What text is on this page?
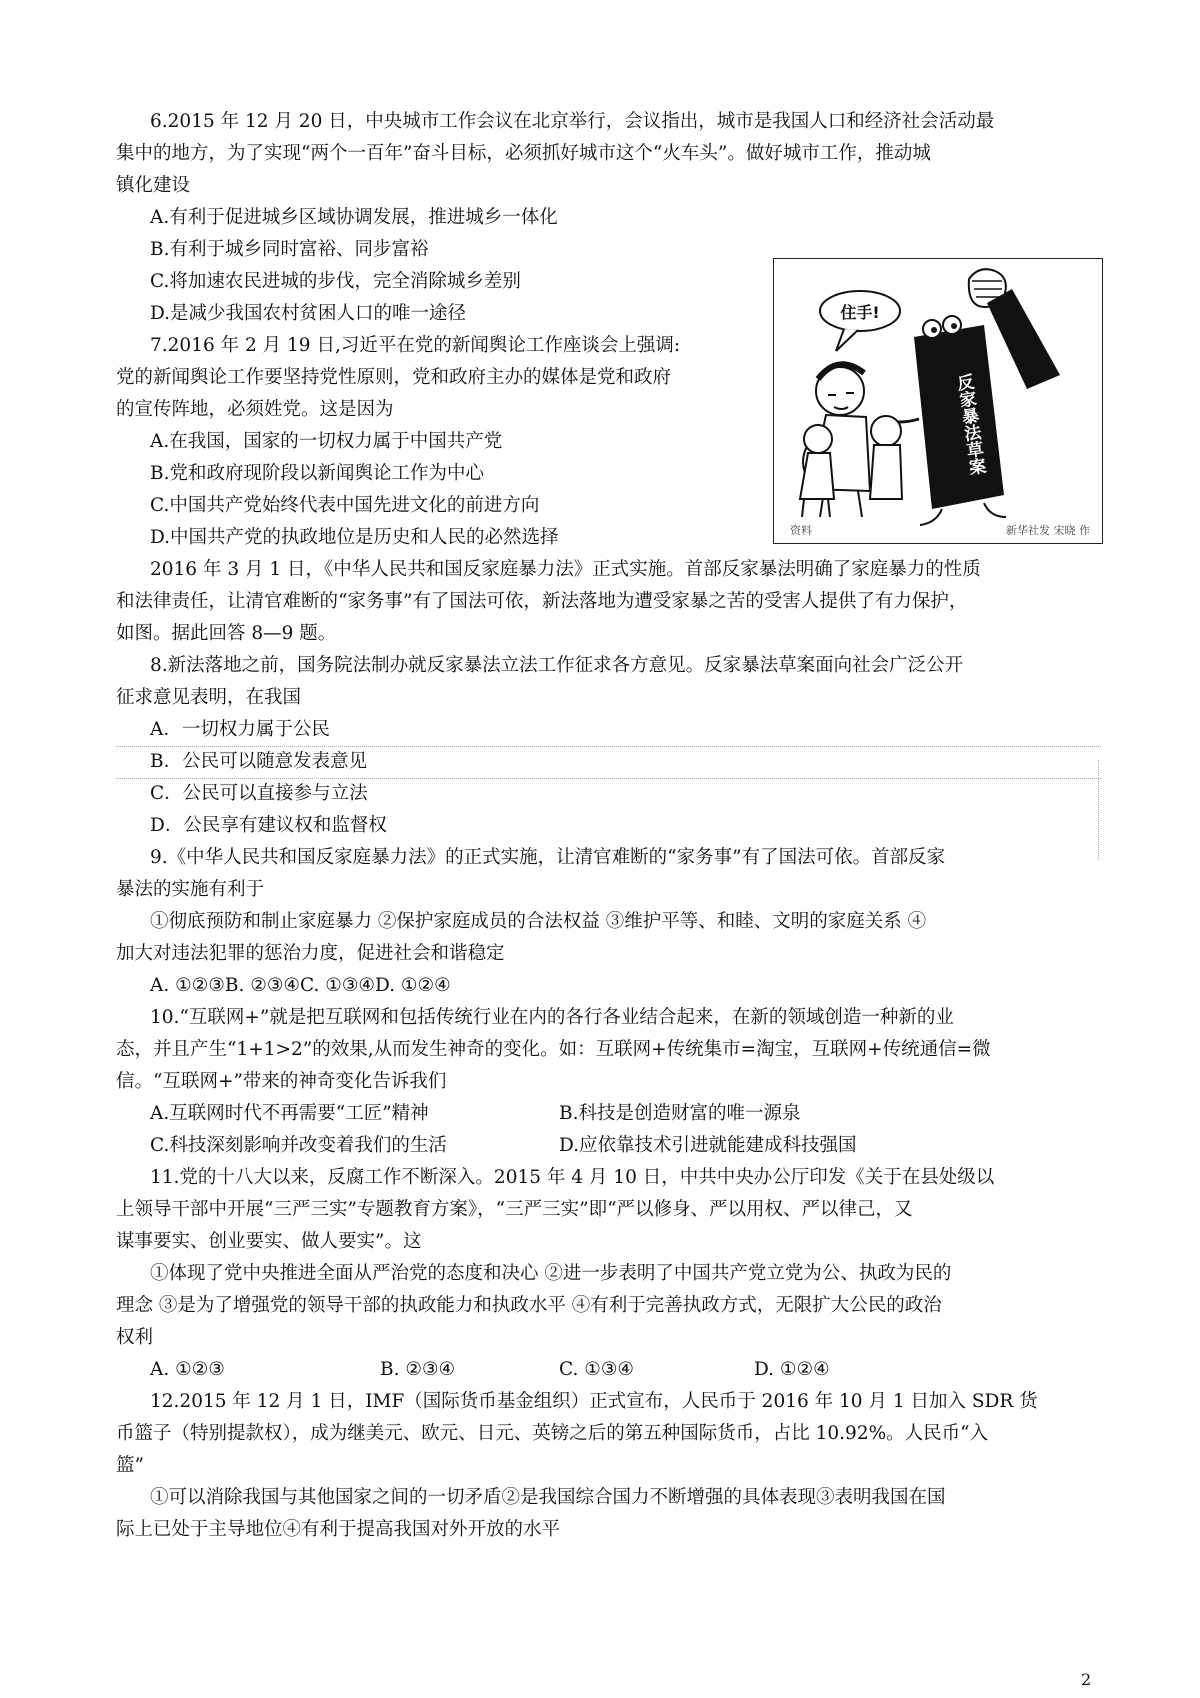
6.2015 年 12 月 20 日，中央城市工作会议在北京举行，会议指出，城市是我国人口和经济社会活动最
集中的地方，为了实现“两个一百年”奋斗目标，必须抓好城市这个“火车头”。做好城市工作，推动城
镇化建设
A.有利于促进城乡区域协调发展，推进城乡一体化
B.有利于城乡同时富裕、同步富裕
C.将加速农民进城的步伐，完全消除城乡差别
D.是减少我国农村贫困人口的唯一途径
7.2016 年 2 月 19 日,习近平在党的新闻舆论工作座谈会上强调:
党的新闻舆论工作要坚持党性原则，党和政府主办的媒体是党和政府
的宣传阵地，必须姓党。这是因为
A.在我国，国家的一切权力属于中国共产党
B.党和政府现阶段以新闻舆论工作为中心
C.中国共产党始终代表中国先进文化的前进方向
D.中国共产党的执政地位是历史和人民的必然选择
住手!
反家暴法草案
资料	新华社发 宋晓 作
2016 年 3 月 1 日，《中华人民共和国反家庭暴力法》正式实施。首部反家暴法明确了家庭暴力的性质
和法律责任，让清官难断的“家务事”有了国法可依，新法落地为遭受家暴之苦的受害人提供了有力保护，
如图。据此回答 8—9 题。
8.新法落地之前，国务院法制办就反家暴法立法工作征求各方意见。反家暴法草案面向社会广泛公开
征求意见表明，在我国
A．一切权力属于公民
B．公民可以随意发表意见
C．公民可以直接参与立法
D．公民享有建议权和监督权
9.《中华人民共和国反家庭暴力法》的正式实施，让清官难断的“家务事”有了国法可依。首部反家
暴法的实施有利于
①彻底预防和制止家庭暴力 ②保护家庭成员的合法权益 ③维护平等、和睦、文明的家庭关系 ④
加大对违法犯罪的惩治力度，促进社会和谐稳定
A. ①②③B. ②③④C. ①③④D. ①②④
10.“互联网+”就是把互联网和包括传统行业在内的各行各业结合起来，在新的领域创造一种新的业
态，并且产生“1+1>2”的效果,从而发生神奇的变化。如：互联网+传统集市=淘宝，互联网+传统通信=微
信。“互联网+”带来的神奇变化告诉我们
A.互联网时代不再需要“工匠”精神	B.科技是创造财富的唯一源泉
C.科技深刻影响并改变着我们的生活	D.应依靠技术引进就能建成科技强国
11.党的十八大以来，反腐工作不断深入。2015 年 4 月 10 日，中共中央办公厅印发《关于在县处级以
上领导干部中开展“三严三实”专题教育方案》，“三严三实”即“严以修身、严以用权、严以律己，又
谋事要实、创业要实、做人要实”。这
①体现了党中央推进全面从严治党的态度和决心 ②进一步表明了中国共产党立党为公、执政为民的
理念 ③是为了增强党的领导干部的执政能力和执政水平 ④有利于完善执政方式，无限扩大公民的政治
权利
A. ①②③	B. ②③④	C. ①③④	D. ①②④
12.2015 年 12 月 1 日，IMF（国际货币基金组织）正式宣布，人民币于 2016 年 10 月 1 日加入 SDR 货
币篮子（特别提款权），成为继美元、欧元、日元、英镑之后的第五种国际货币，占比 10.92%。人民币“入
篮”
①可以消除我国与其他国家之间的一切矛盾②是我国综合国力不断增强的具体表现③表明我国在国
际上已处于主导地位④有利于提高我国对外开放的水平
2
